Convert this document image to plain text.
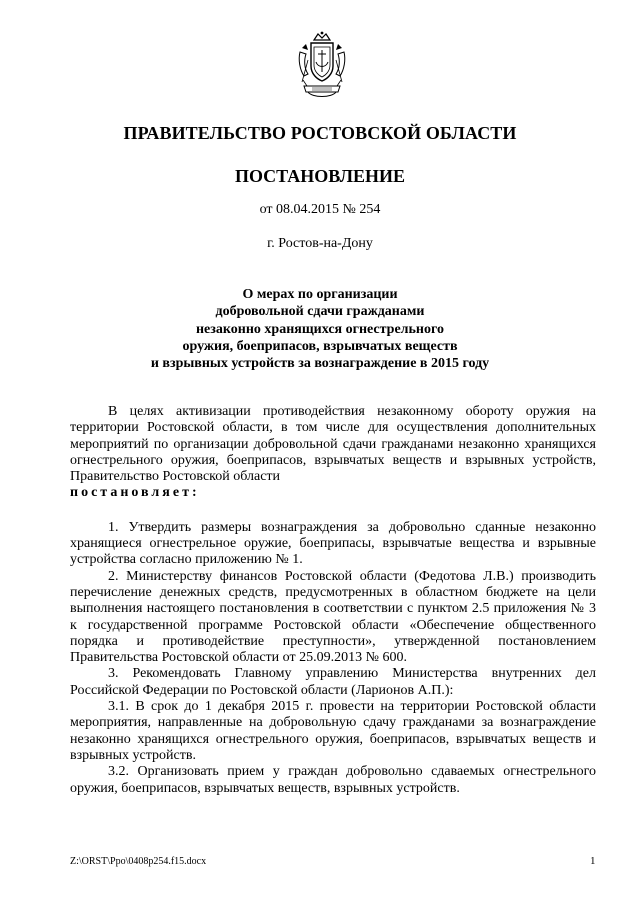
ПРАВИТЕЛЬСТВО РОСТОВСКОЙ ОБЛАСТИ
ПОСТАНОВЛЕНИЕ
от 08.04.2015 № 254
г. Ростов-на-Дону
О мерах по организации
добровольной сдачи гражданами
незаконно хранящихся огнестрельного
оружия, боеприпасов, взрывчатых веществ
и взрывных устройств за вознаграждение в 2015 году

В целях активизации противодействия незаконному обороту оружия на территории Ростовской области, в том числе для осуществления дополнительных мероприятий по организации добровольной сдачи гражданами незаконно хранящихся огнестрельного оружия, боеприпасов, взрывчатых веществ и взрывных устройств, Правительство Ростовской области

постановляет:

1. Утвердить размеры вознаграждения за добровольно сданные незаконно хранящиеся огнестрельное оружие, боеприпасы, взрывчатые вещества и взрывные устройства согласно приложению № 1.

2. Министерству финансов Ростовской области (Федотова Л.В.) производить перечисление денежных средств, предусмотренных в областном бюджете на цели выполнения настоящего постановления в соответствии с пунктом 2.5 приложения № 3 к государственной программе Ростовской области «Обеспечение общественного порядка и противодействие преступности», утвержденной постановлением Правительства Ростовской области от 25.09.2013 № 600.

3. Рекомендовать Главному управлению Министерства внутренних дел Российской Федерации по Ростовской области (Ларионов А.П.):

3.1. В срок до 1 декабря 2015 г. провести на территории Ростовской области мероприятия, направленные на добровольную сдачу гражданами за вознаграждение незаконно хранящихся огнестрельного оружия, боеприпасов, взрывчатых веществ и взрывных устройств.

3.2. Организовать прием у граждан добровольно сдаваемых огнестрельного оружия, боеприпасов, взрывчатых веществ, взрывных устройств.

Z:\ORST\Ppo\0408p254.f15.docx	1
